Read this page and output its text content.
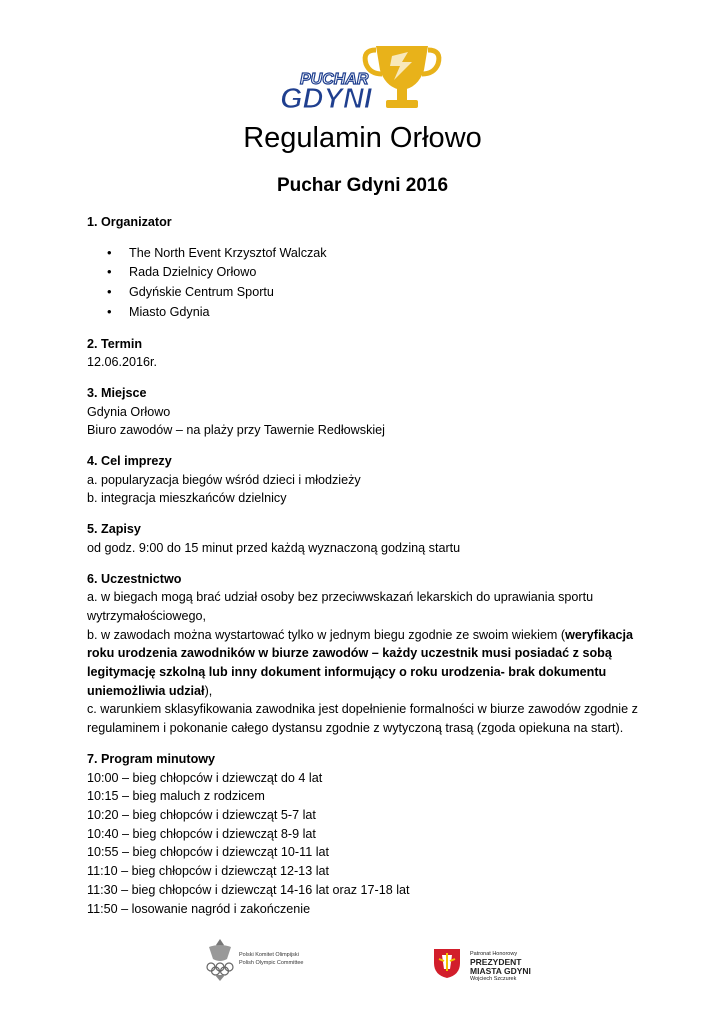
PUCHAR
GDYNI
Regulamin Orłowo
Puchar Gdyni 2016
1. Organizator
• The North Event Krzysztof Walczak
• Rada Dzielnicy Orłowo
• Gdyńskie Centrum Sportu
• Miasto Gdynia
2. Termin
12.06.2016r.
3. Miejsce
Gdynia Orłowo
Biuro zawodów – na plaży przy Tawernie Redłowskiej
4. Cel imprezy
a. popularyzacja biegów wśród dzieci i młodzieży
b. integracja mieszkańców dzielnicy
5. Zapisy
od godz. 9:00 do 15 minut przed każdą wyznaczoną godziną startu
6. Uczestnictwo
a. w biegach mogą brać udział osoby bez przeciwwskazań lekarskich do uprawiania sportu wytrzymałościowego,
b. w zawodach można wystartować tylko w jednym biegu zgodnie ze swoim wiekiem (weryfikacja roku urodzenia zawodników w biurze zawodów – każdy uczestnik musi posiadać z sobą legitymację szkolną lub inny dokument informujący o roku urodzenia- brak dokumentu uniemożliwia udział),
c. warunkiem sklasyfikowania zawodnika jest dopełnienie formalności w biurze zawodów zgodnie z regulaminem i pokonanie całego dystansu zgodnie z wytyczoną trasą (zgoda opiekuna na start).
7. Program minutowy
10:00 – bieg chłopców i dziewcząt do 4 lat
10:15 – bieg maluch z rodzicem
10:20 – bieg chłopców i dziewcząt 5-7 lat
10:40 – bieg chłopców i dziewcząt 8-9 lat
10:55 – bieg chłopców i dziewcząt 10-11 lat
11:10 – bieg chłopców i dziewcząt 12-13 lat
11:30 – bieg chłopców i dziewcząt 14-16 lat oraz 17-18 lat
11:50 – losowanie nagród i zakończenie
Polski Komitet Olimpijski
Polish Olympic Committee
Patronat Honorowy
PREZYDENT
MIASTA GDYNI
Wojciech Szczurek
